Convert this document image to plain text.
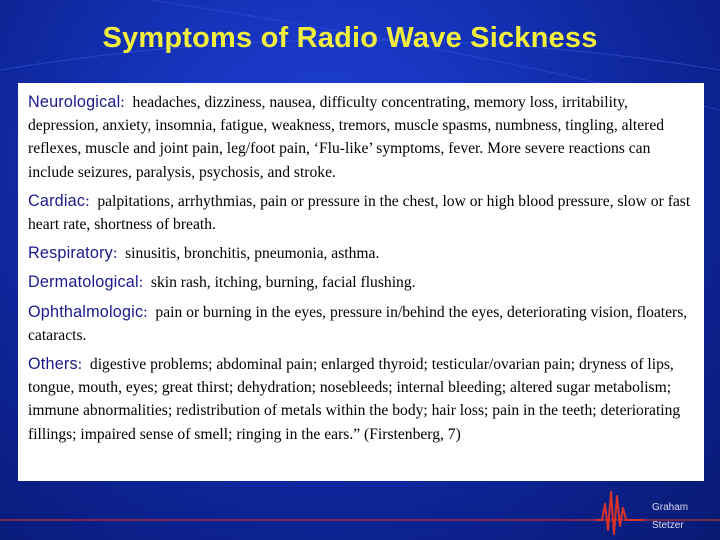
Symptoms of Radio Wave Sickness

Neurological:  headaches, dizziness, nausea, difficulty concentrating, memory loss, irritability, depression, anxiety, insomnia, fatigue, weakness, tremors, muscle spasms, numbness, tingling, altered reflexes, muscle and joint pain, leg/foot pain, ‘Flu-like’ symptoms, fever. More severe reactions can include seizures, paralysis, psychosis, and stroke.

Cardiac:  palpitations, arrhythmias, pain or pressure in the chest, low or high blood pressure, slow or fast heart rate, shortness of breath.

Respiratory:  sinusitis, bronchitis, pneumonia, asthma.

Dermatological:  skin rash, itching, burning, facial flushing.

Ophthalmologic:  pain or burning in the eyes, pressure in/behind the eyes, deteriorating vision, floaters, cataracts.

Others:  digestive problems; abdominal pain; enlarged thyroid; testicular/ovarian pain; dryness of lips, tongue, mouth, eyes; great thirst; dehydration; nosebleeds; internal bleeding; altered sugar metabolism; immune abnormalities; redistribution of metals within the body; hair loss; pain in the teeth; deteriorating fillings; impaired sense of smell; ringing in the ears.” (Firstenberg, 7)

Graham
Stetzer
